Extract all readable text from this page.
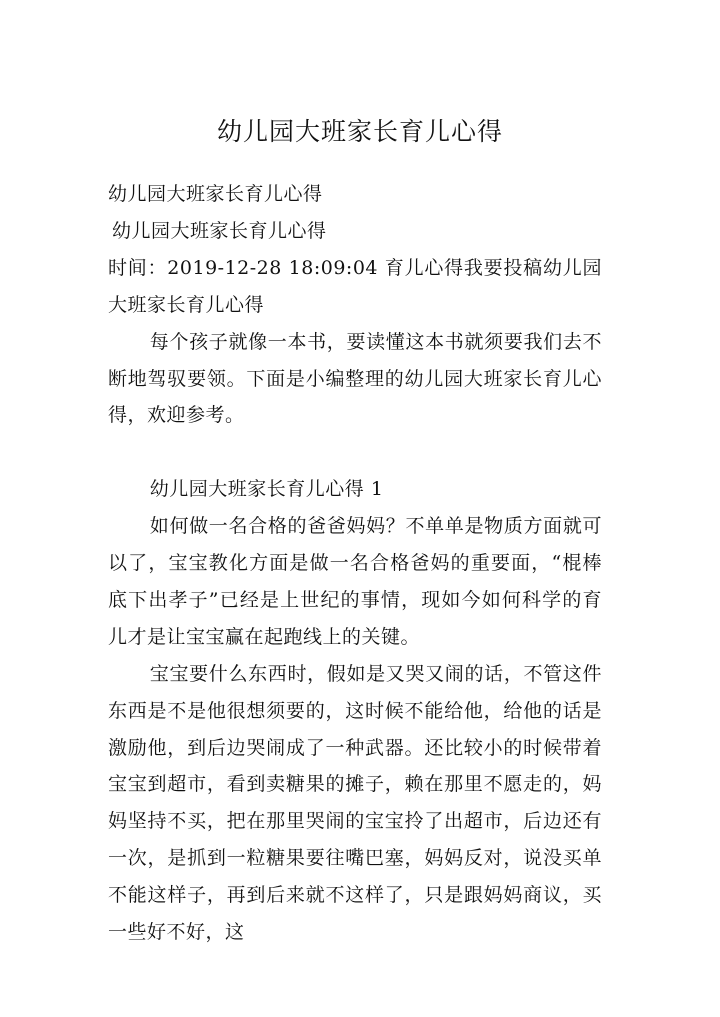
幼儿园大班家长育儿心得

幼儿园大班家长育儿心得

幼儿园大班家长育儿心得

时间：2019-12-28 18:09:04 育儿心得我要投稿幼儿园大班家长育儿心得

每个孩子就像一本书，要读懂这本书就须要我们去不断地驾驭要领。下面是小编整理的幼儿园大班家长育儿心得，欢迎参考。

幼儿园大班家长育儿心得 1

如何做一名合格的爸爸妈妈？不单单是物质方面就可以了，宝宝教化方面是做一名合格爸妈的重要面，“棍棒底下出孝子”已经是上世纪的事情，现如今如何科学的育儿才是让宝宝赢在起跑线上的关键。

宝宝要什么东西时，假如是又哭又闹的话，不管这件东西是不是他很想须要的，这时候不能给他，给他的话是激励他，到后边哭闹成了一种武器。还比较小的时候带着宝宝到超市，看到卖糖果的摊子，赖在那里不愿走的，妈妈坚持不买，把在那里哭闹的宝宝拎了出超市，后边还有一次，是抓到一粒糖果要往嘴巴塞，妈妈反对，说没买单不能这样子，再到后来就不这样了，只是跟妈妈商议，买一些好不好，这
